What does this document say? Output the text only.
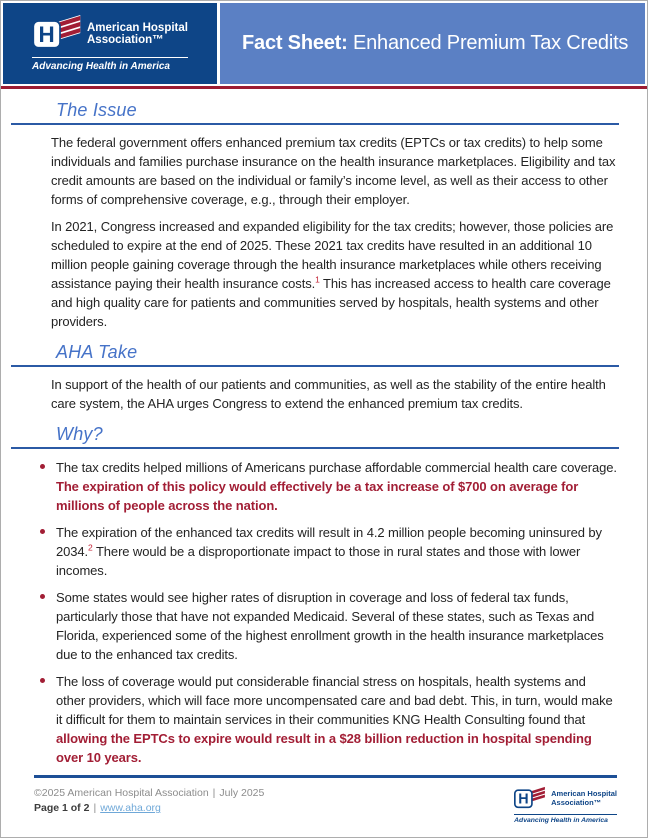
H	American Hospital
Association™
Advancing Health in America
Fact Sheet: Enhanced Premium Tax Credits
The Issue

The federal government offers enhanced premium tax credits (EPTCs or tax credits) to help some individuals and families purchase insurance on the health insurance marketplaces. Eligibility and tax credit amounts are based on the individual or family’s income level, as well as their access to other forms of comprehensive coverage, e.g., through their employer.

In 2021, Congress increased and expanded eligibility for the tax credits; however, those policies are scheduled to expire at the end of 2025. These 2021 tax credits have resulted in an additional 10 million people gaining coverage through the health insurance marketplaces while others receiving assistance paying their health insurance costs.$^1$ This has increased access to health care coverage and high quality care for patients and communities served by hospitals, health systems and other providers.

AHA Take

In support of the health of our patients and communities, as well as the stability of the entire health care system, the AHA urges Congress to extend the enhanced premium tax credits.

Why?
The tax credits helped millions of Americans purchase affordable commercial health care coverage. The expiration of this policy would effectively be a tax increase of $700 on average for millions of people across the nation.
The expiration of the enhanced tax credits will result in 4.2 million people becoming uninsured by 2034.$^2$ There would be a disproportionate impact to those in rural states and those with lower incomes.
Some states would see higher rates of disruption in coverage and loss of federal tax funds, particularly those that have not expanded Medicaid. Several of these states, such as Texas and Florida, experienced some of the highest enrollment growth in the health insurance marketplaces due to the enhanced tax credits.
The loss of coverage would put considerable financial stress on hospitals, health systems and other providers, which will face more uncompensated care and bad debt. This, in turn, would make it difficult for them to maintain services in their communities KNG Health Consulting found that allowing the EPTCs to expire would result in a $28 billion reduction in hospital spending over 10 years.
©2025 American Hospital Association | July 2025
Page 1 of 2 | www.aha.org
H	American Hospital
Association™
Advancing Health in America
